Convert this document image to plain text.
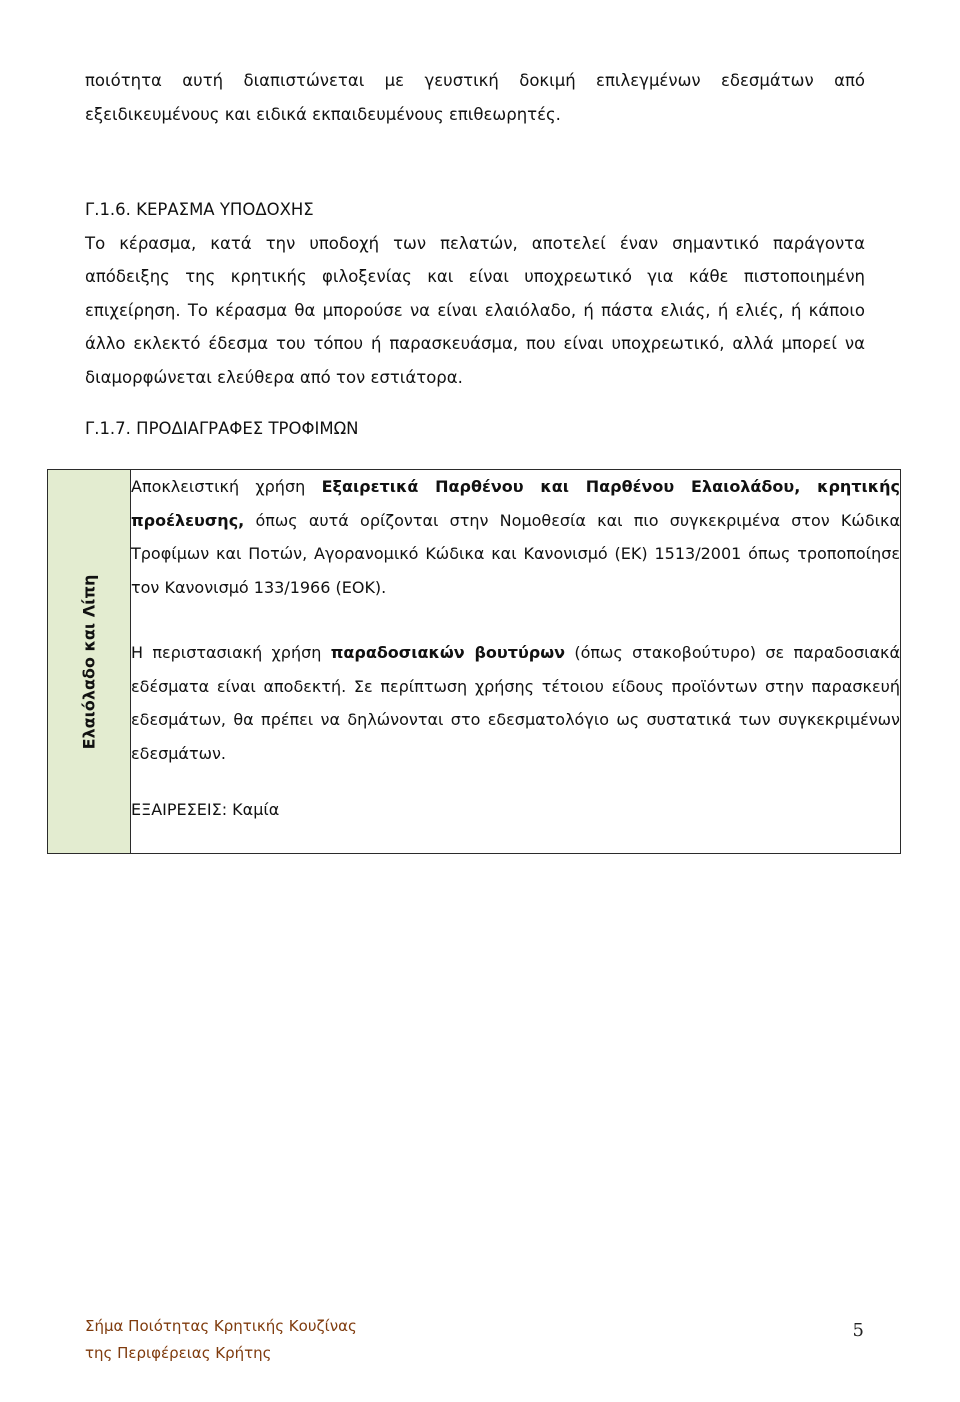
ποιότητα αυτή διαπιστώνεται με γευστική δοκιμή επιλεγμένων εδεσμάτων από

εξειδικευμένους και ειδικά εκπαιδευμένους επιθεωρητές.

Γ.1.6. ΚΕΡΑΣΜΑ ΥΠΟΔΟΧΗΣ

Το κέρασμα, κατά την υποδοχή των πελατών, αποτελεί έναν σημαντικό παράγοντα απόδειξης της κρητικής φιλοξενίας και είναι υποχρεωτικό για κάθε πιστοποιημένη επιχείρηση. Το κέρασμα θα μπορούσε να είναι ελαιόλαδο, ή πάστα ελιάς, ή ελιές, ή κάποιο άλλο εκλεκτό έδεσμα του τόπου ή παρασκευάσμα, που είναι υποχρεωτικό, αλλά μπορεί να διαμορφώνεται ελεύθερα από τον εστιάτορα.

Γ.1.7. ΠΡΟΔΙΑΓΡΑΦΕΣ ΤΡΟΦΙΜΩΝ

Ελαιόλαδο και Λίπη

Αποκλειστική χρήση Εξαιρετικά Παρθένου και Παρθένου Ελαιολάδου, κρητικής προέλευσης, όπως αυτά ορίζονται στην Νομοθεσία και πιο συγκεκριμένα στον Κώδικα Τροφίμων και Ποτών, Αγορανομικό Κώδικα και Κανονισμό (ΕΚ) 1513/2001 όπως τροποποίησε τον Κανονισμό 133/1966 (ΕΟΚ).

Η περιστασιακή χρήση παραδοσιακών βουτύρων (όπως στακοβούτυρο) σε παραδοσιακά εδέσματα είναι αποδεκτή. Σε περίπτωση χρήσης τέτοιου είδους προϊόντων στην παρασκευή εδεσμάτων, θα πρέπει να δηλώνονται στο εδεσματολόγιο ως συστατικά των συγκεκριμένων εδεσμάτων.

ΕΞΑΙΡΕΣΕΙΣ: Καμία

Σήμα Ποιότητας Κρητικής Κουζίνας
της Περιφέρειας Κρήτης
5
